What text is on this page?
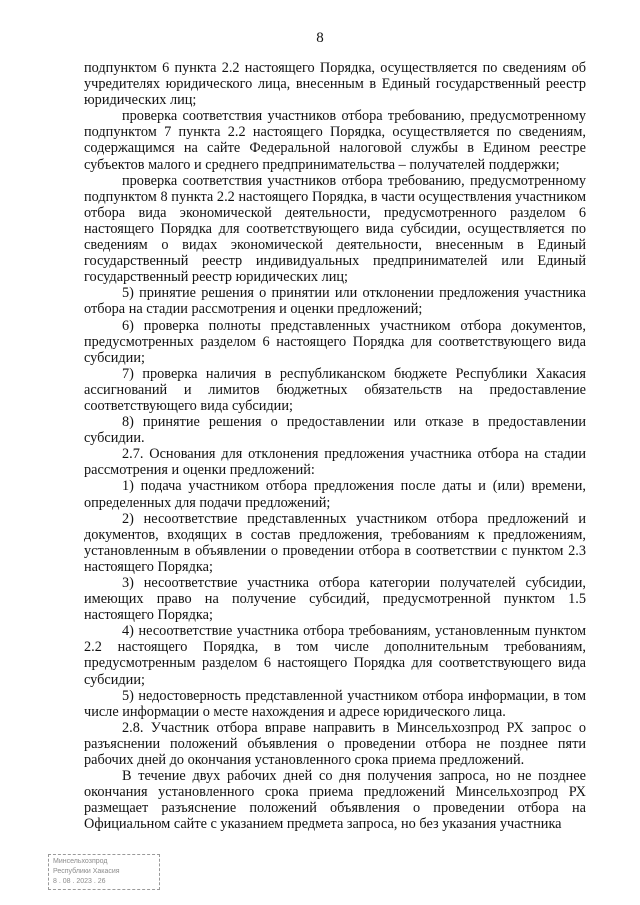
8

подпунктом 6 пункта 2.2 настоящего Порядка, осуществляется по сведениям об учредителях юридического лица, внесенным в Единый государственный реестр юридических лиц;

проверка соответствия участников отбора требованию, предусмотренному подпунктом 7 пункта 2.2 настоящего Порядка, осуществляется по сведениям, содержащимся на сайте Федеральной налоговой службы в Едином реестре субъектов малого и среднего предпринимательства – получателей поддержки;

проверка соответствия участников отбора требованию, предусмотренному подпунктом 8 пункта 2.2 настоящего Порядка, в части осуществления участником отбора вида экономической деятельности, предусмотренного разделом 6 настоящего Порядка для соответствующего вида субсидии, осуществляется по сведениям о видах экономической деятельности, внесенным в Единый государственный реестр индивидуальных предпринимателей или Единый государственный реестр юридических лиц;

5) принятие решения о принятии или отклонении предложения участника отбора на стадии рассмотрения и оценки предложений;

6) проверка полноты представленных участником отбора документов, предусмотренных разделом 6 настоящего Порядка для соответствующего вида субсидии;

7) проверка наличия в республиканском бюджете Республики Хакасия ассигнований и лимитов бюджетных обязательств на предоставление соответствующего вида субсидии;

8) принятие решения о предоставлении или отказе в предоставлении субсидии.

2.7. Основания для отклонения предложения участника отбора на стадии рассмотрения и оценки предложений:

1) подача участником отбора предложения после даты и (или) времени, определенных для подачи предложений;

2) несоответствие представленных участником отбора предложений и документов, входящих в состав предложения, требованиям к предложениям, установленным в объявлении о проведении отбора в соответствии с пунктом 2.3 настоящего Порядка;

3) несоответствие участника отбора категории получателей субсидии, имеющих право на получение субсидий, предусмотренной пунктом 1.5 настоящего Порядка;

4) несоответствие участника отбора требованиям, установленным пунктом 2.2 настоящего Порядка, в том числе дополнительным требованиям, предусмотренным разделом 6 настоящего Порядка для соответствующего вида субсидии;

5) недостоверность представленной участником отбора информации, в том числе информации о месте нахождения и адресе юридического лица.

2.8. Участник отбора вправе направить в Минсельхозпрод РХ запрос о разъяснении положений объявления о проведении отбора не позднее пяти рабочих дней до окончания установленного срока приема предложений.

В течение двух рабочих дней со дня получения запроса, но не позднее окончания установленного срока приема предложений Минсельхозпрод РХ размещает разъяснение положений объявления о проведении отбора на Официальном сайте с указанием предмета запроса, но без указания участника

Минсельхозпрод
Республики Хакасия
8 . 08 . 2023 . 26
